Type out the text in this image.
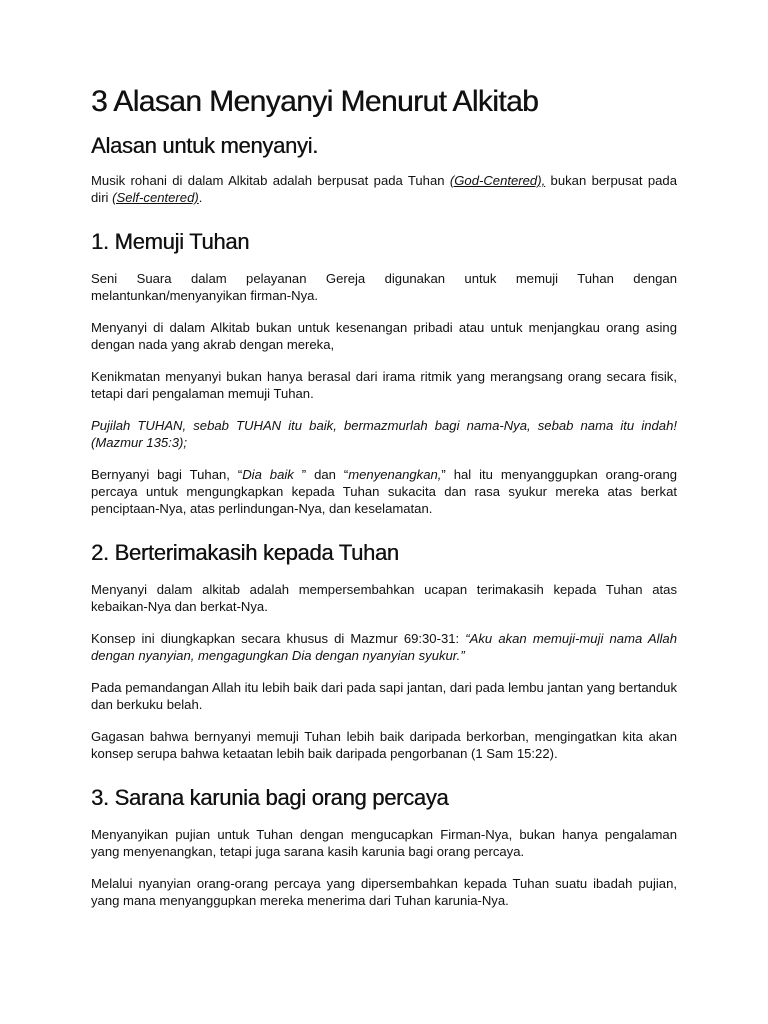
3 Alasan Menyanyi Menurut Alkitab
Alasan untuk menyanyi.

Musik rohani di dalam Alkitab adalah berpusat pada Tuhan (God-Centered), bukan berpusat pada diri (Self-centered).

1. Memuji Tuhan

Seni Suara dalam pelayanan Gereja digunakan untuk memuji Tuhan dengan melantunkan/menyanyikan firman-Nya.

Menyanyi di dalam Alkitab bukan untuk kesenangan pribadi atau untuk menjangkau orang asing dengan nada yang akrab dengan mereka,

Kenikmatan menyanyi bukan hanya berasal dari irama ritmik yang merangsang orang secara fisik, tetapi dari pengalaman memuji Tuhan.

Pujilah TUHAN, sebab TUHAN itu baik, bermazmurlah bagi nama-Nya, sebab nama itu indah! (Mazmur 135:3);

Bernyanyi bagi Tuhan, “Dia baik ” dan “menyenangkan,” hal itu menyanggupkan orang-orang percaya untuk mengungkapkan kepada Tuhan sukacita dan rasa syukur mereka atas berkat penciptaan-Nya, atas perlindungan-Nya, dan keselamatan.

2. Berterimakasih kepada Tuhan

Menyanyi dalam alkitab adalah mempersembahkan ucapan terimakasih kepada Tuhan atas kebaikan-Nya dan berkat-Nya.

Konsep ini diungkapkan secara khusus di Mazmur 69:30-31: “Aku akan memuji-muji nama Allah dengan nyanyian, mengagungkan Dia dengan nyanyian syukur.”

Pada pemandangan Allah itu lebih baik dari pada sapi jantan, dari pada lembu jantan yang bertanduk dan berkuku belah.

Gagasan bahwa bernyanyi memuji Tuhan lebih baik daripada berkorban, mengingatkan kita akan konsep serupa bahwa ketaatan lebih baik daripada pengorbanan (1 Sam 15:22).

3. Sarana karunia bagi orang percaya

Menyanyikan pujian untuk Tuhan dengan mengucapkan Firman-Nya, bukan hanya pengalaman yang menyenangkan, tetapi juga sarana kasih karunia bagi orang percaya.

Melalui nyanyian orang-orang percaya yang dipersembahkan kepada Tuhan suatu ibadah pujian, yang mana menyanggupkan mereka menerima dari Tuhan karunia-Nya.
